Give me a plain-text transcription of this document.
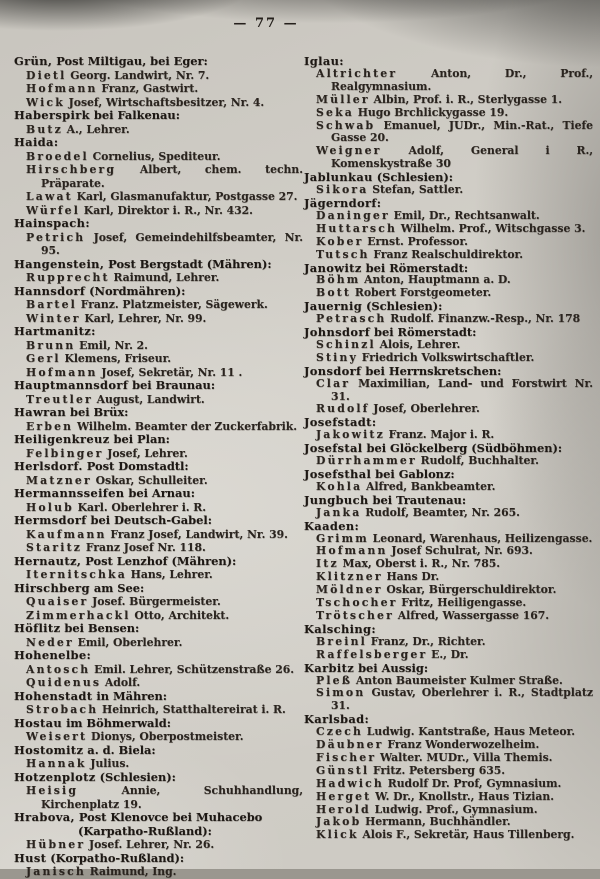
— 77 —
Grün, Post Miltigau, bei Eger:
Dietl Georg. Landwirt, Nr. 7.
Hofmann Franz, Gastwirt.
Wick Josef, Wirtschaftsbesitzer, Nr. 4.
Haberspirk bei Falkenau:
Butz A., Lehrer.
Haida:
Broedel Cornelius, Spediteur.
Hirschberg Albert, chem. techn. Präparate.
Lawat Karl, Glasmanufaktur, Postgasse 27.
Würfel Karl, Direktor i. R., Nr. 432.
Hainspach:
Petrich Josef, Gemeindehilfsbeamter, Nr. 95.
Hangenstein, Post Bergstadt (Mähren):
Rupprecht Raimund, Lehrer.
Hannsdorf (Nordmähren):
Bartel Franz. Platzmeister, Sägewerk.
Winter Karl, Lehrer, Nr. 99.
Hartmanitz:
Brunn Emil, Nr. 2.
Gerl Klemens, Friseur.
Hofmann Josef, Sekretär, Nr. 11 .
Hauptmannsdorf bei Braunau:
Treutler August, Landwirt.
Hawran bei Brüx:
Erben Wilhelm. Beamter der Zuckerfabrik.
Heiligenkreuz bei Plan:
Felbinger Josef, Lehrer.
Herlsdorf. Post Domstadtl:
Matzner Oskar, Schulleiter.
Hermannsseifen bei Arnau:
Holub Karl. Oberlehrer i. R.
Hermsdorf bei Deutsch-Gabel:
Kaufmann Franz Josef, Landwirt, Nr. 39.
Staritz Franz Josef Nr. 118.
Hernautz, Post Lenzhof (Mähren):
Iternitschka Hans, Lehrer.
Hirschberg am See:
Quaiser Josef. Bürgermeister.
Zimmerhackl Otto, Architekt.
Höflitz bei Bensen:
Neder Emil, Oberlehrer.
Hohenelbe:
Antosch Emil. Lehrer, Schützenstraße 26.
Quidenus Adolf.
Hohenstadt in Mähren:
Strobach Heinrich, Statthaltereirat i. R.
Hostau im Böhmerwald:
Weisert Dionys, Oberpostmeister.
Hostomitz a. d. Biela:
Hannak Julius.
Hotzenplotz (Schlesien):
Heisig Annie, Schuhhandlung, Kirchenplatz 19.
Hrabova, Post Klenovce bei Muhacebo (Karpatho-Rußland):
Hübner Josef. Lehrer, Nr. 26.
Hust (Korpatho-Rußland):
Janisch Raimund, Ing.
Iglau:
Altrichter Anton, Dr., Prof., Realgymnasium.
Müller Albin, Prof. i. R., Sterlygasse 1.
Seka Hugo Brchlickygasse 19.
Schwab Emanuel, JUDr., Min.-Rat., Tiefe Gasse 20.
Weigner Adolf, General i R., Komenskystraße 30
Jablunkau (Schlesien):
Sikora Stefan, Sattler.
Jägerndorf:
Daninger Emil, Dr., Rechtsanwalt.
Huttarsch Wilhelm. Prof., Witschgasse 3.
Kober Ernst. Professor.
Tutsch Franz Realschuldirektor.
Janowitz bei Römerstadt:
Böhm Anton, Hauptmann a. D.
Bott Robert Forstgeometer.
Jauernig (Schlesien):
Petrasch Rudolf. Finanzw.-Resp., Nr. 178
Johnsdorf bei Römerstadt:
Schinzl Alois, Lehrer.
Stiny Friedrich Volkswirtschaftler.
Jonsdorf bei Herrnskretschen:
Clar Maximilian, Land- und Forstwirt Nr. 31.
Rudolf Josef, Oberlehrer.
Josefstadt:
Jakowitz Franz. Major i. R.
Josefstal bei Glöckelberg (Südböhmen):
Dürrhammer Rudolf, Buchhalter.
Josefsthal bei Gablonz:
Kohla Alfred, Bankbeamter.
Jungbuch bei Trautenau:
Janka Rudolf, Beamter, Nr. 265.
Kaaden:
Grimm Leonard, Warenhaus, Heilizengasse.
Hofmann Josef Schulrat, Nr. 693.
Itz Max, Oberst i. R., Nr. 785.
Klitzner Hans Dr.
Möldner Oskar, Bürgerschuldirektor.
Tschocher Fritz, Heiligengasse.
Trötscher Alfred, Wassergasse 167.
Kalsching:
Breinl Franz, Dr., Richter.
Raffelsberger E., Dr.
Karbitz bei Aussig:
Pleß Anton Baumeister Kulmer Straße.
Simon Gustav, Oberlehrer i. R., Stadtplatz 31.
Karlsbad:
Czech Ludwig. Kantstraße, Haus Meteor.
Däubner Franz Wonderwozelheim.
Fischer Walter. MUDr., Villa Themis.
Günstl Fritz. Petersberg 635.
Hadwich Rudolf Dr. Prof, Gymnasium.
Herget W. Dr., Knollstr., Haus Tizian.
Herold Ludwig. Prof., Gymnasium.
Jakob Hermann, Buchhändler.
Klick Alois F., Sekretär, Haus Tillenberg.
